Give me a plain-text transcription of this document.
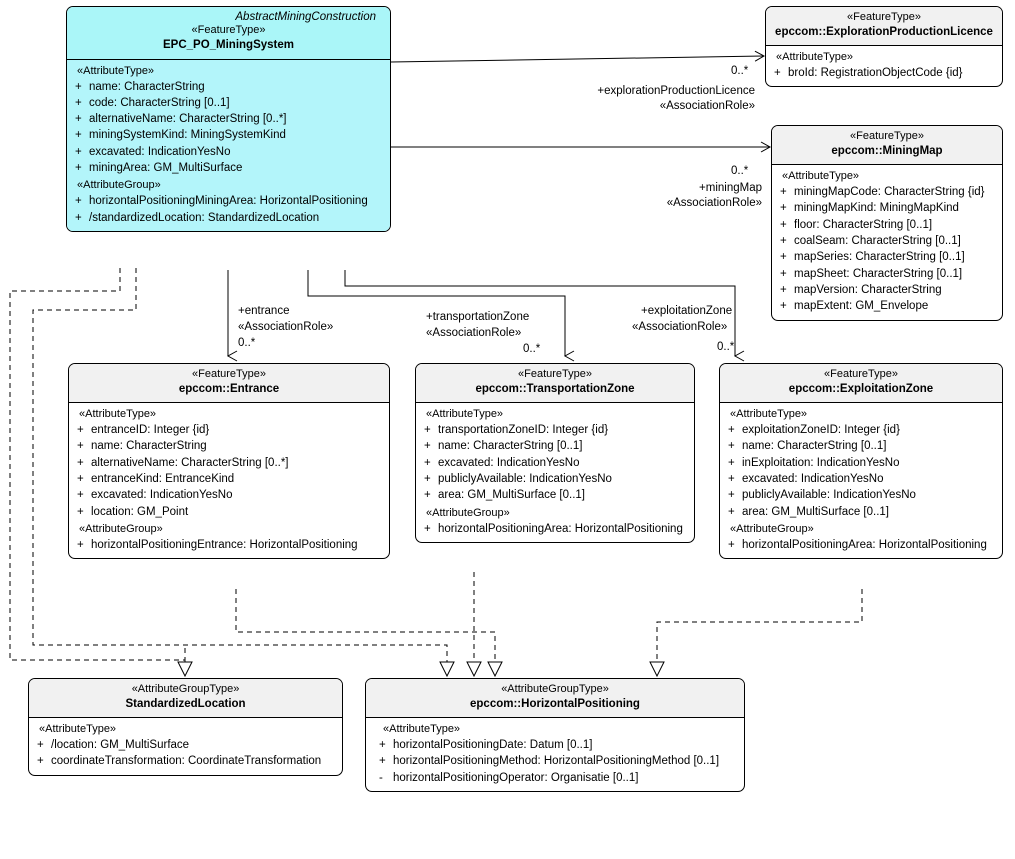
AbstractMiningConstruction
«FeatureType»
EPC_PO_MiningSystem
«AttributeType»
+ name: CharacterString
+ code: CharacterString [0..1]
+ alternativeName: CharacterString [0..*]
+ miningSystemKind: MiningSystemKind
+ excavated: IndicationYesNo
+ miningArea: GM_MultiSurface
«AttributeGroup»
+ horizontalPositioningMiningArea: HorizontalPositioning
+ /standardizedLocation: StandardizedLocation
«FeatureType»
epccom::ExplorationProductionLicence
«AttributeType»
+ broId: RegistrationObjectCode {id}
«FeatureType»
epccom::MiningMap
«AttributeType»
+ miningMapCode: CharacterString {id}
+ miningMapKind: MiningMapKind
+ floor: CharacterString [0..1]
+ coalSeam: CharacterString [0..1]
+ mapSeries: CharacterString [0..1]
+ mapSheet: CharacterString [0..1]
+ mapVersion: CharacterString
+ mapExtent: GM_Envelope
«FeatureType»
epccom::Entrance
«AttributeType»
+ entranceID: Integer {id}
+ name: CharacterString
+ alternativeName: CharacterString [0..*]
+ entranceKind: EntranceKind
+ excavated: IndicationYesNo
+ location: GM_Point
«AttributeGroup»
+ horizontalPositioningEntrance: HorizontalPositioning
«FeatureType»
epccom::TransportationZone
«AttributeType»
+ transportationZoneID: Integer {id}
+ name: CharacterString [0..1]
+ excavated: IndicationYesNo
+ publiclyAvailable: IndicationYesNo
+ area: GM_MultiSurface [0..1]
«AttributeGroup»
+ horizontalPositioningArea: HorizontalPositioning
«FeatureType»
epccom::ExploitationZone
«AttributeType»
+ exploitationZoneID: Integer {id}
+ name: CharacterString [0..1]
+ inExploitation: IndicationYesNo
+ excavated: IndicationYesNo
+ publiclyAvailable: IndicationYesNo
+ area: GM_MultiSurface [0..1]
«AttributeGroup»
+ horizontalPositioningArea: HorizontalPositioning
«AttributeGroupType»
StandardizedLocation
«AttributeType»
+ /location: GM_MultiSurface
+ coordinateTransformation: CoordinateTransformation
«AttributeGroupType»
epccom::HorizontalPositioning
«AttributeType»
+ horizontalPositioningDate: Datum [0..1]
+ horizontalPositioningMethod: HorizontalPositioningMethod [0..1]
- horizontalPositioningOperator: Organisatie [0..1]
0..*
+explorationProductionLicence
«AssociationRole»
0..*
+miningMap
«AssociationRole»
+entrance
«AssociationRole»
0..*
+transportationZone
«AssociationRole»
0..*
+exploitationZone
«AssociationRole»
0..*
